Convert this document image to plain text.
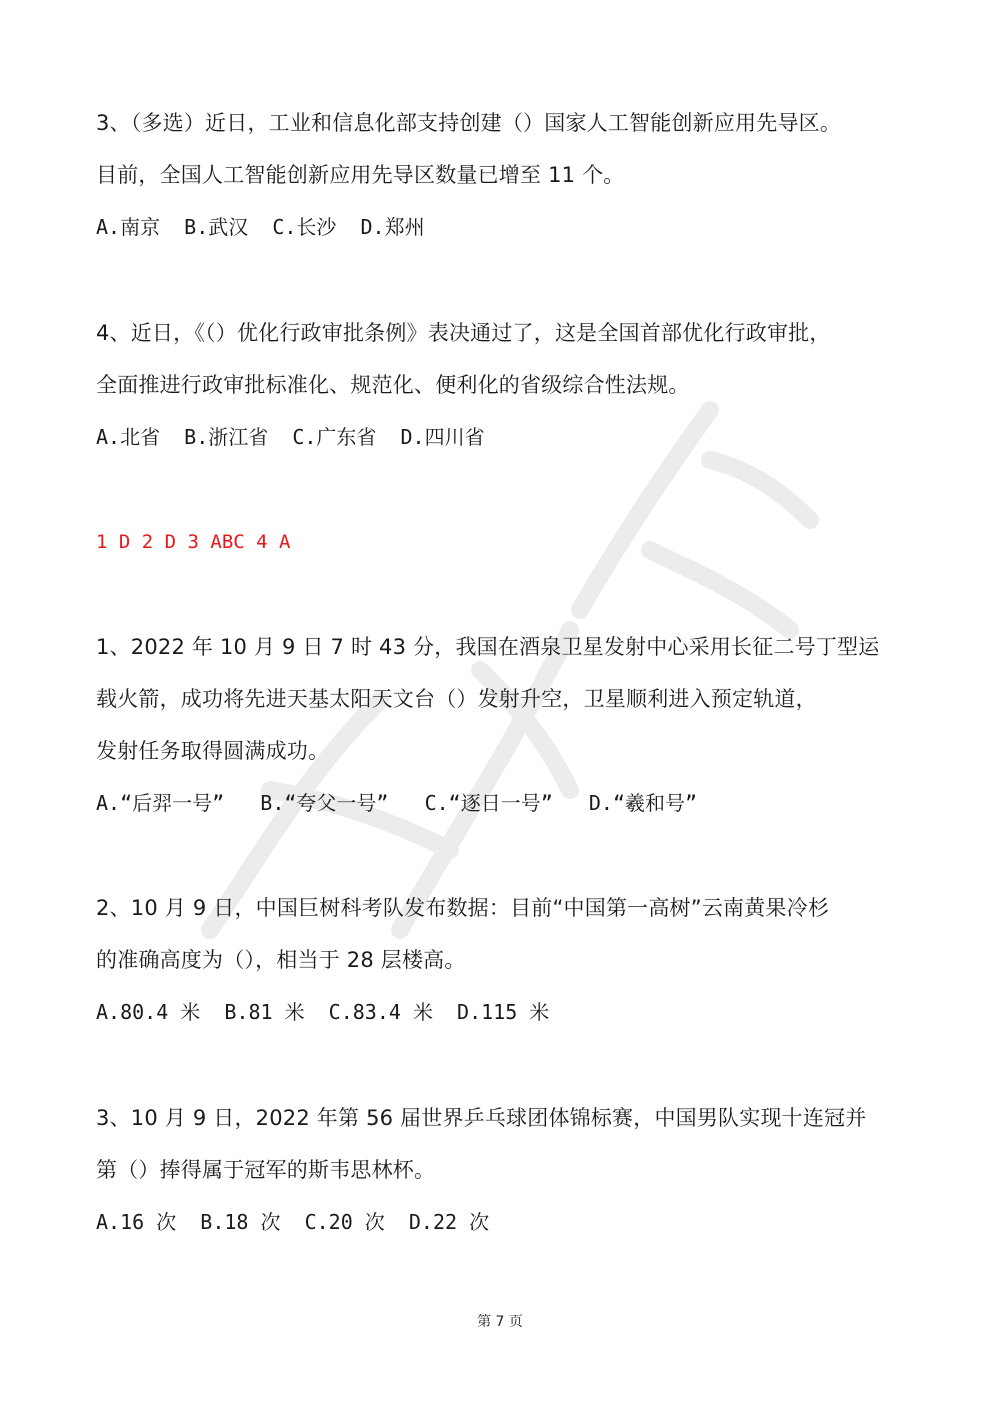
3、（多选）近日，工业和信息化部支持创建（）国家人工智能创新应用先导区。
目前，全国人工智能创新应用先导区数量已增至 11 个。
A.南京  B.武汉  C.长沙  D.郑州
4、近日，《（）优化行政审批条例》表决通过了，这是全国首部优化行政审批，
全面推进行政审批标准化、规范化、便利化的省级综合性法规。
A.北省  B.浙江省  C.广东省  D.四川省
1 D 2 D 3 ABC 4 A
1、2022 年 10 月 9 日 7 时 43 分，我国在酒泉卫星发射中心采用长征二号丁型运
载火箭，成功将先进天基太阳天文台（）发射升空，卫星顺利进入预定轨道，
发射任务取得圆满成功。
A.“后羿一号”   B.“夸父一号”   C.“逐日一号”   D.“羲和号”
2、10 月 9 日，中国巨树科考队发布数据：目前“中国第一高树”云南黄果冷杉
的准确高度为（），相当于 28 层楼高。
A.80.4 米  B.81 米  C.83.4 米  D.115 米
3、10 月 9 日，2022 年第 56 届世界乒乓球团体锦标赛，中国男队实现十连冠并
第（）捧得属于冠军的斯韦思林杯。
A.16 次  B.18 次  C.20 次  D.22 次
第 7 页
